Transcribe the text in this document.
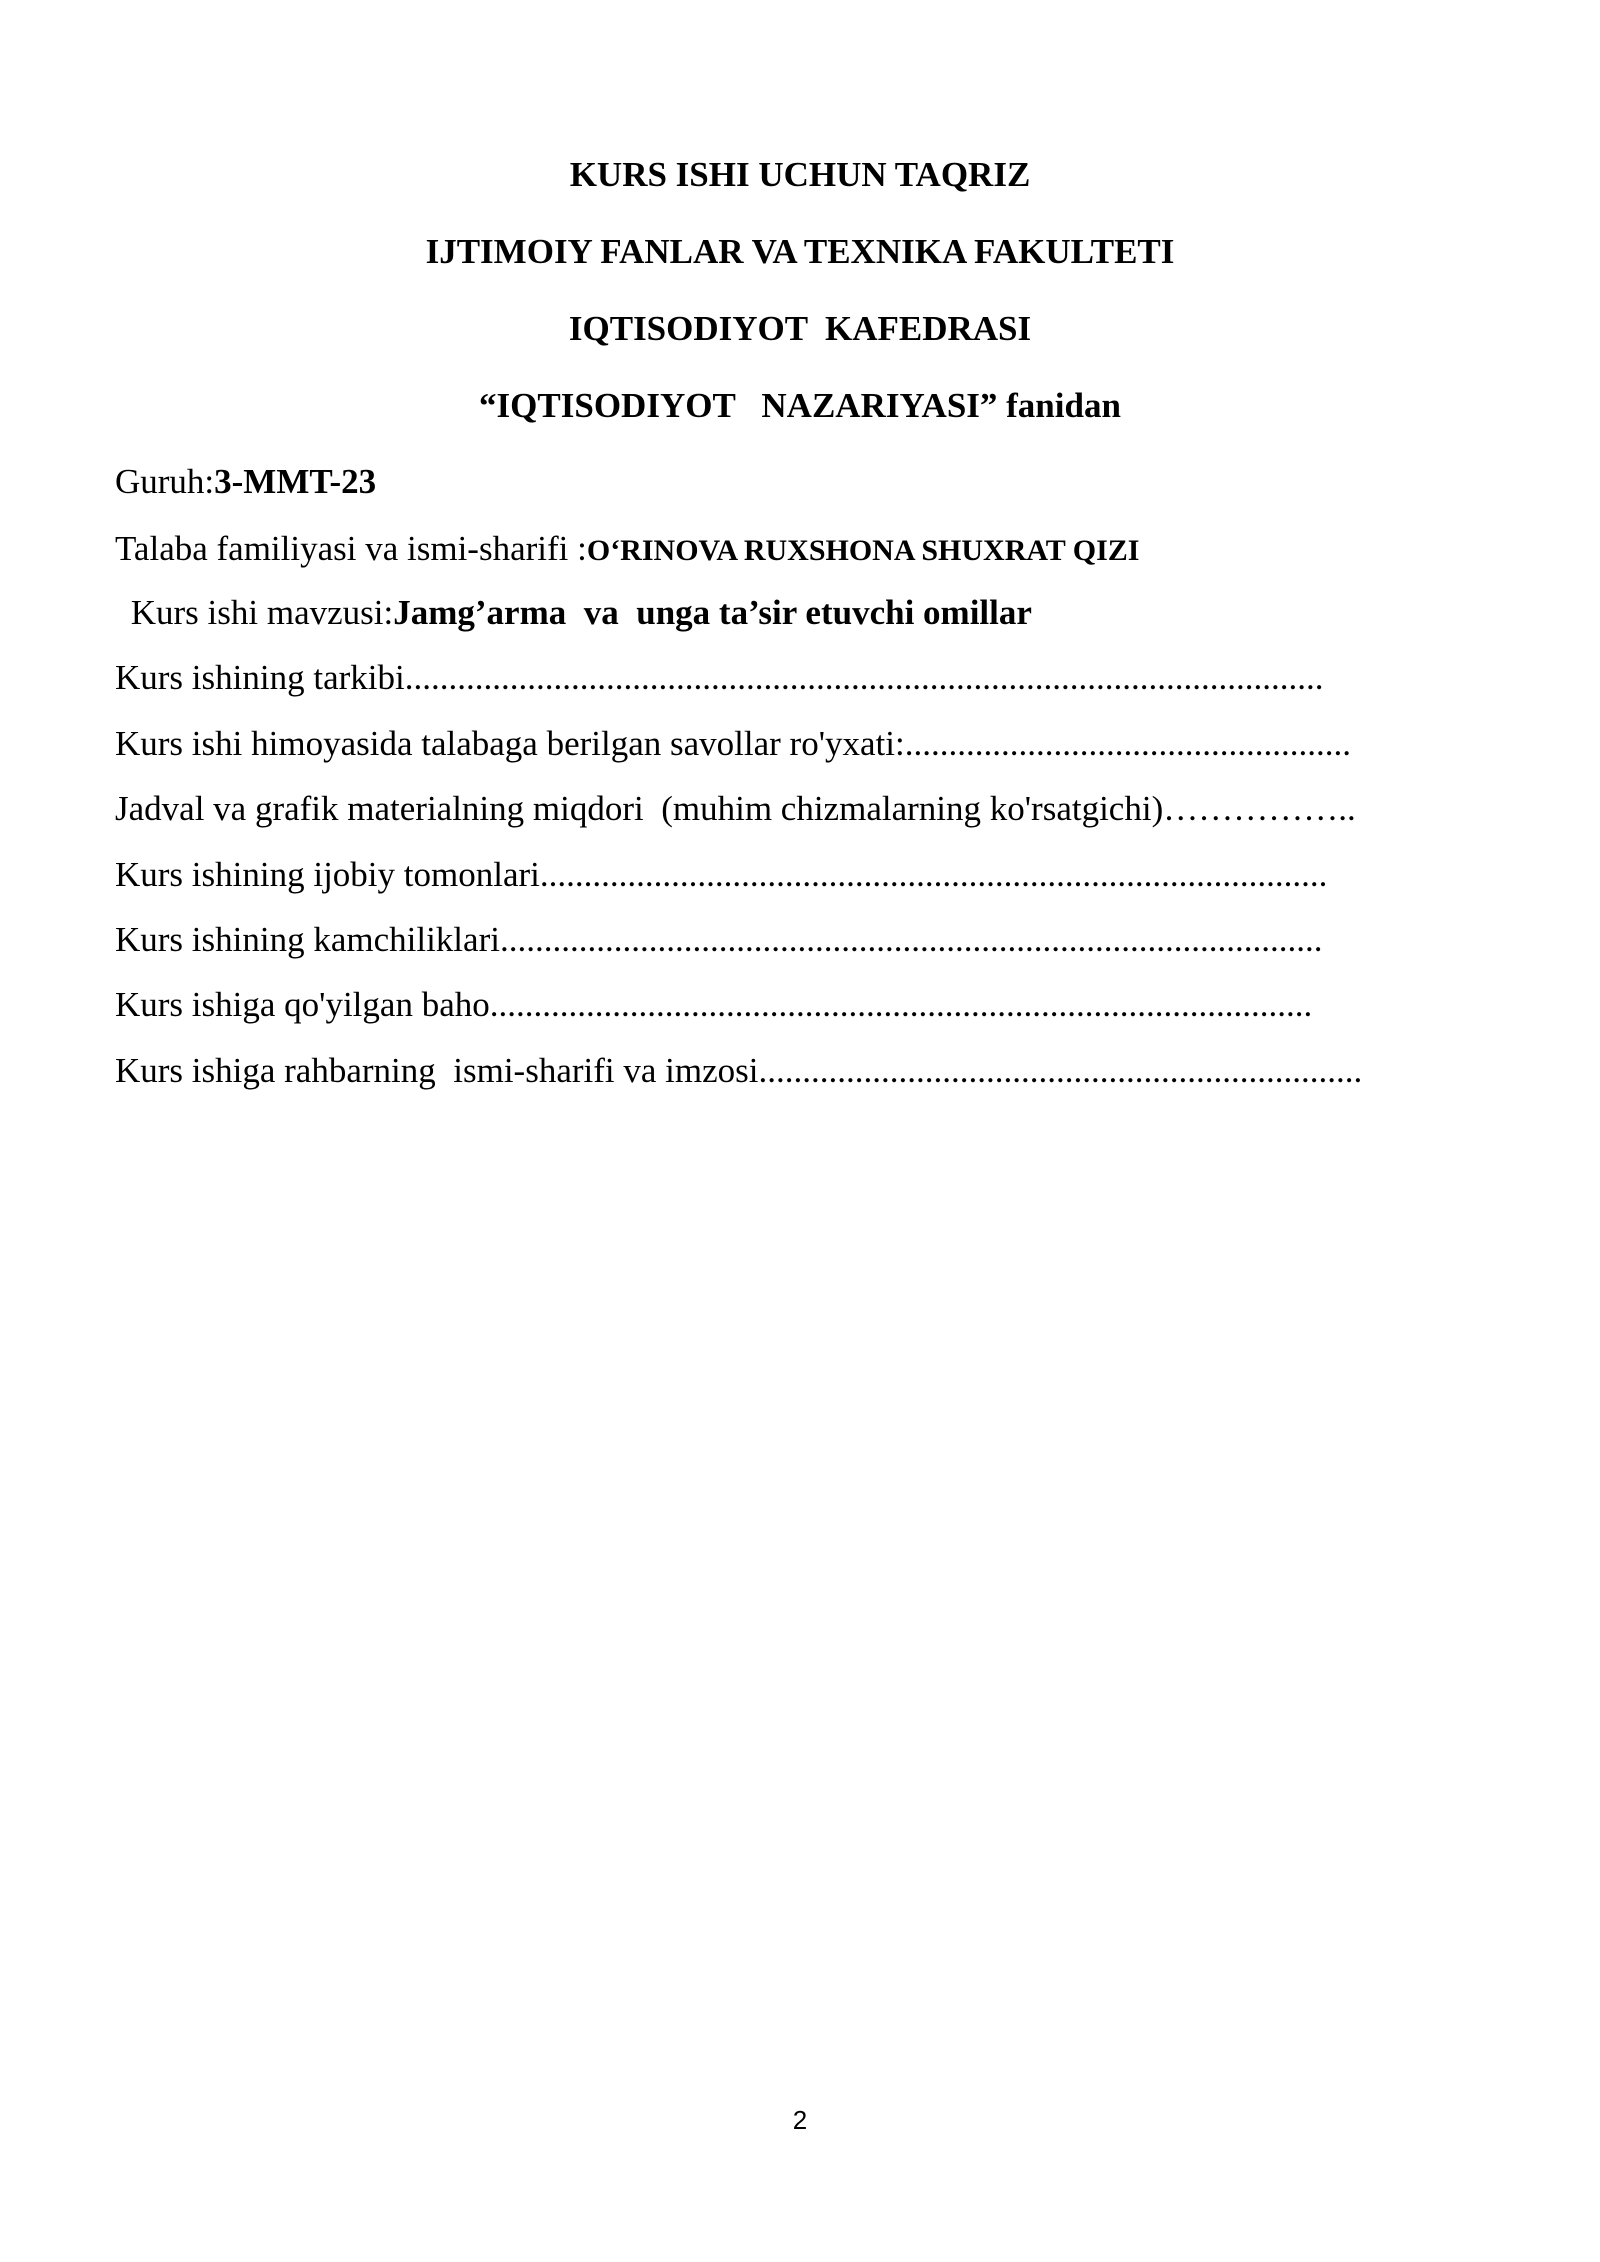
KURS ISHI UCHUN TAQRIZ
IJTIMOIY FANLAR VA TEXNIKA FAKULTETI
IQTISODIYOT  KAFEDRASI
“IQTISODIYOT   NAZARIYASI” fanidan
Guruh:3-MMT-23
Talaba familiyasi va ismi-sharifi :O‘RINOVA RUXSHONA SHUXRAT QIZI
Kurs ishi mavzusi:Jamg’arma  va  unga ta’sir etuvchi omillar
Kurs ishining tarkibi.........................................................................................................
Kurs ishi himoyasida talabaga berilgan savollar ro'yxati:...................................................
Jadval va grafik materialning miqdori  (muhim chizmalarning ko'rsatgichi)……………..
Kurs ishining ijobiy tomonlari..........................................................................................
Kurs ishining kamchiliklari..............................................................................................
Kurs ishiga qo'yilgan baho..............................................................................................
Kurs ishiga rahbarning  ismi-sharifi va imzosi.....................................................................
2
